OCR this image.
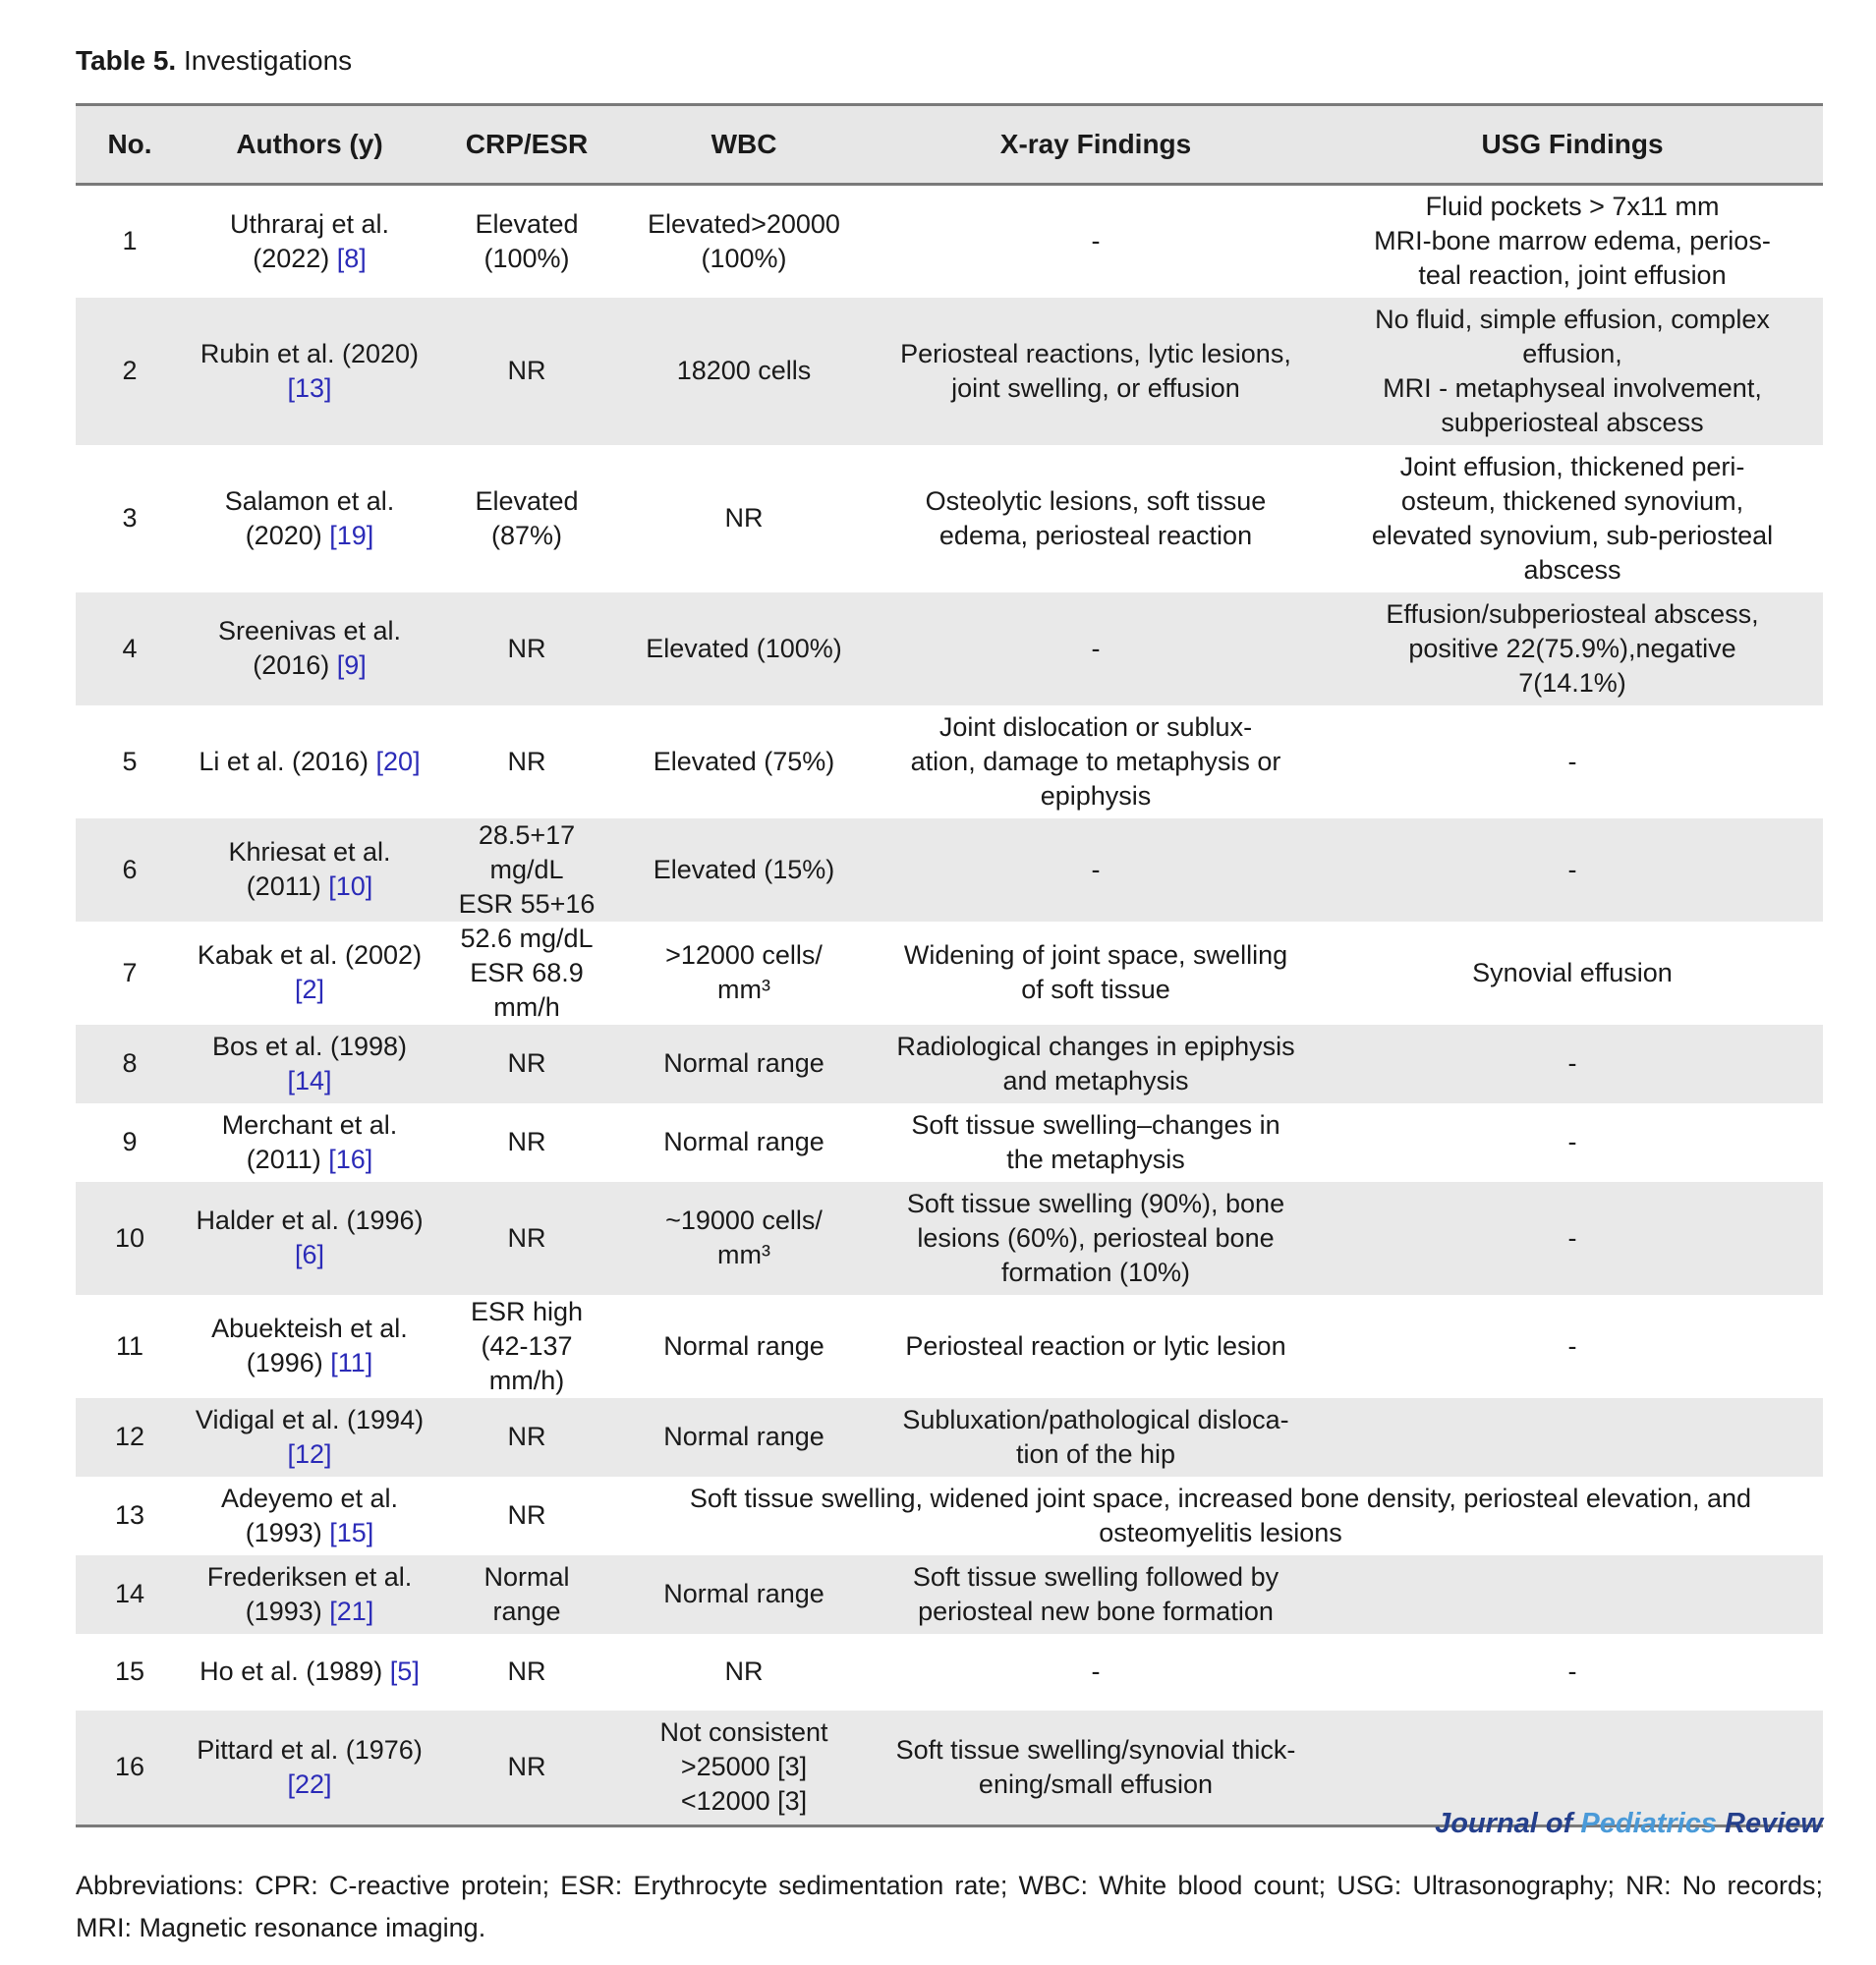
Table 5. Investigations
No.	Authors (y)	CRP/ESR	WBC	X-ray Findings	USG Findings
1	Uthraraj et al.
(2022) [8]	Elevated
(100%)	Elevated>20000
(100%)	-	Fluid pockets > 7x11 mm
MRI-bone marrow edema, perios-
teal reaction, joint effusion
2	Rubin et al. (2020) [13]	NR	18200 cells	Periosteal reactions, lytic lesions,
joint swelling, or effusion	No fluid, simple effusion, complex
effusion,
MRI - metaphyseal involvement,
subperiosteal abscess
3	Salamon et al.
(2020) [19]	Elevated
(87%)	NR	Osteolytic lesions, soft tissue
edema, periosteal reaction	Joint effusion, thickened peri-
osteum, thickened synovium,
elevated synovium, sub-periosteal
abscess
4	Sreenivas et al.
(2016) [9]	NR	Elevated (100%)	-	Effusion/subperiosteal abscess,
positive 22(75.9%),negative
7(14.1%)
5	Li et al. (2016) [20]	NR	Elevated (75%)	Joint dislocation or sublux-
ation, damage to metaphysis or
epiphysis	-
6	Khriesat et al.
(2011) [10]	28.5+17
mg/dL
ESR 55+16	Elevated (15%)	-	-
7	Kabak et al. (2002) [2]	52.6 mg/dL
ESR 68.9
mm/h	>12000 cells/
mm³	Widening of joint space, swelling
of soft tissue	Synovial effusion
8	Bos et al. (1998) [14]	NR	Normal range	Radiological changes in epiphysis
and metaphysis	-
9	Merchant et al.
(2011) [16]	NR	Normal range	Soft tissue swelling–changes in
the metaphysis	-
10	Halder et al. (1996) [6]	NR	~19000 cells/
mm³	Soft tissue swelling (90%), bone
lesions (60%), periosteal bone
formation (10%)	-
11	Abuekteish et al.
(1996) [11]	ESR high
(42-137
mm/h)	Normal range	Periosteal reaction or lytic lesion	-
12	Vidigal et al. (1994) [12]	NR	Normal range	Subluxation/pathological disloca-
tion of the hip	
13	Adeyemo et al.
(1993) [15]	NR	Soft tissue swelling, widened joint space, increased bone density, periosteal elevation, and
osteomyelitis lesions		
14	Frederiksen et al.
(1993) [21]	Normal
range	Normal range	Soft tissue swelling followed by
periosteal new bone formation	
15	Ho et al. (1989) [5]	NR	NR	-	-
16	Pittard et al. (1976) [22]	NR	Not consistent
>25000 [3]
<12000 [3]	Soft tissue swelling/synovial thick-
ening/small effusion	
Journal of Pediatrics Review
Abbreviations: CPR: C-reactive protein; ESR: Erythrocyte sedimentation rate; WBC: White blood count; USG: Ultrasonography; NR: No records; MRI: Magnetic resonance imaging.
